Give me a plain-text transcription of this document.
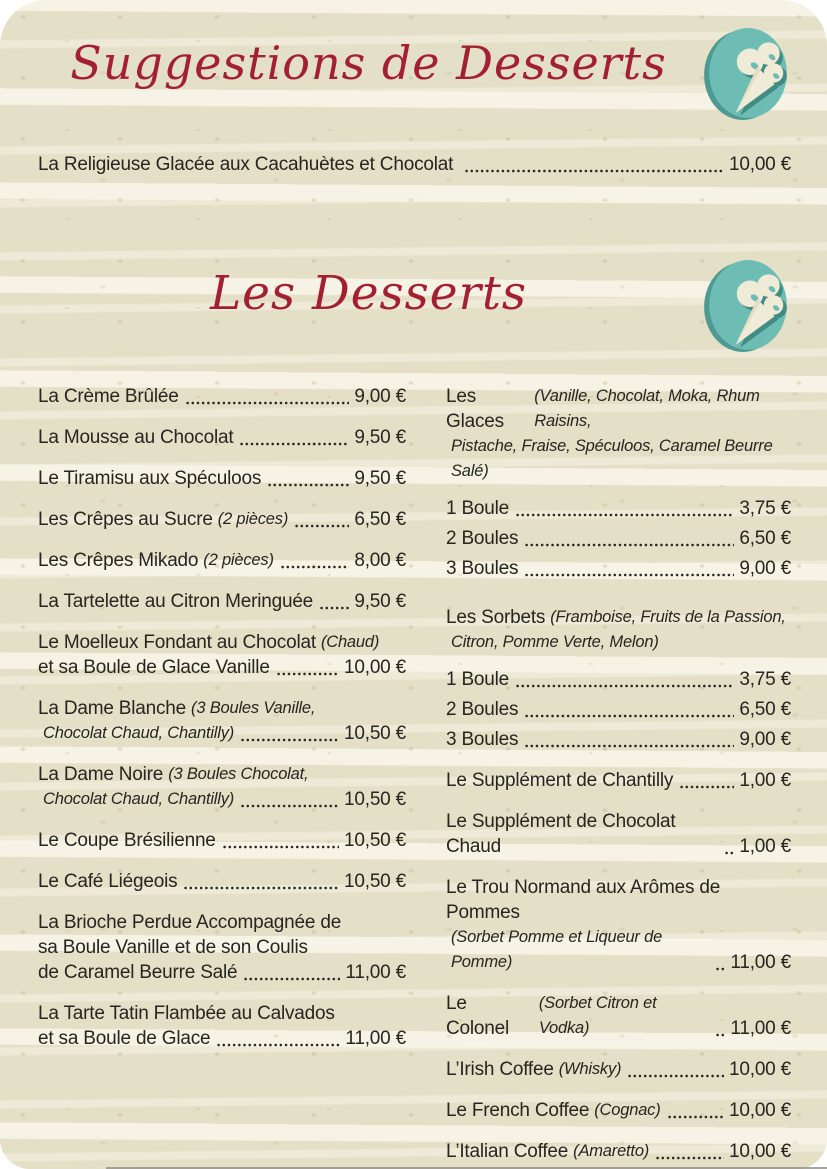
Suggestions de Desserts
La Religieuse Glacée aux Cacahuètes et Chocolat	10,00 €
Les Desserts
La Crème Brûlée	9,00 €
La Mousse au Chocolat	9,50 €
Le Tiramisu aux Spéculoos	9,50 €
Les Crêpes au Sucre (2 pièces)	6,50 €
Les Crêpes Mikado (2 pièces)	8,00 €
La Tartelette au Citron Meringuée 9,50 €
Le Moelleux Fondant au Chocolat (Chaud)
et sa Boule de Glace Vanille	10,00 €
La Dame Blanche (3 Boules Vanille,
Chocolat Chaud, Chantilly)	10,50 €
La Dame Noire (3 Boules Chocolat,
Chocolat Chaud, Chantilly)	10,50 €
Le Coupe Brésilienne	10,50 €
Le Café Liégeois	10,50 €
La Brioche Perdue Accompagnée de
sa Boule Vanille et de son Coulis
de Caramel Beurre Salé	11,00 €
La Tarte Tatin Flambée au Calvados
et sa Boule de Glace	11,00 €
Les Glaces
(Vanille, Chocolat, Moka, Rhum Raisins,
Pistache, Fraise, Spéculoos, Caramel Beurre Salé)
1 Boule	3,75 €
2 Boules	6,50 €
3 Boules	9,00 €
Les Sorbets (Framboise, Fruits de la Passion,
Citron, Pomme Verte, Melon)
1 Boule	3,75 €
2 Boules	6,50 €
3 Boules	9,00 €
Le Supplément de Chantilly	1,00 €
Le Supplément de Chocolat Chaud	1,00 €
Le Trou Normand aux Arômes de Pommes
(Sorbet Pomme et Liqueur de Pomme)	11,00 €
Le Colonel
(Sorbet Citron et Vodka)	11,00 €
L’Irish Coffee (Whisky)	10,00 €
Le French Coffee (Cognac)	10,00 €
L’Italian Coffee (Amaretto)	10,00 €
